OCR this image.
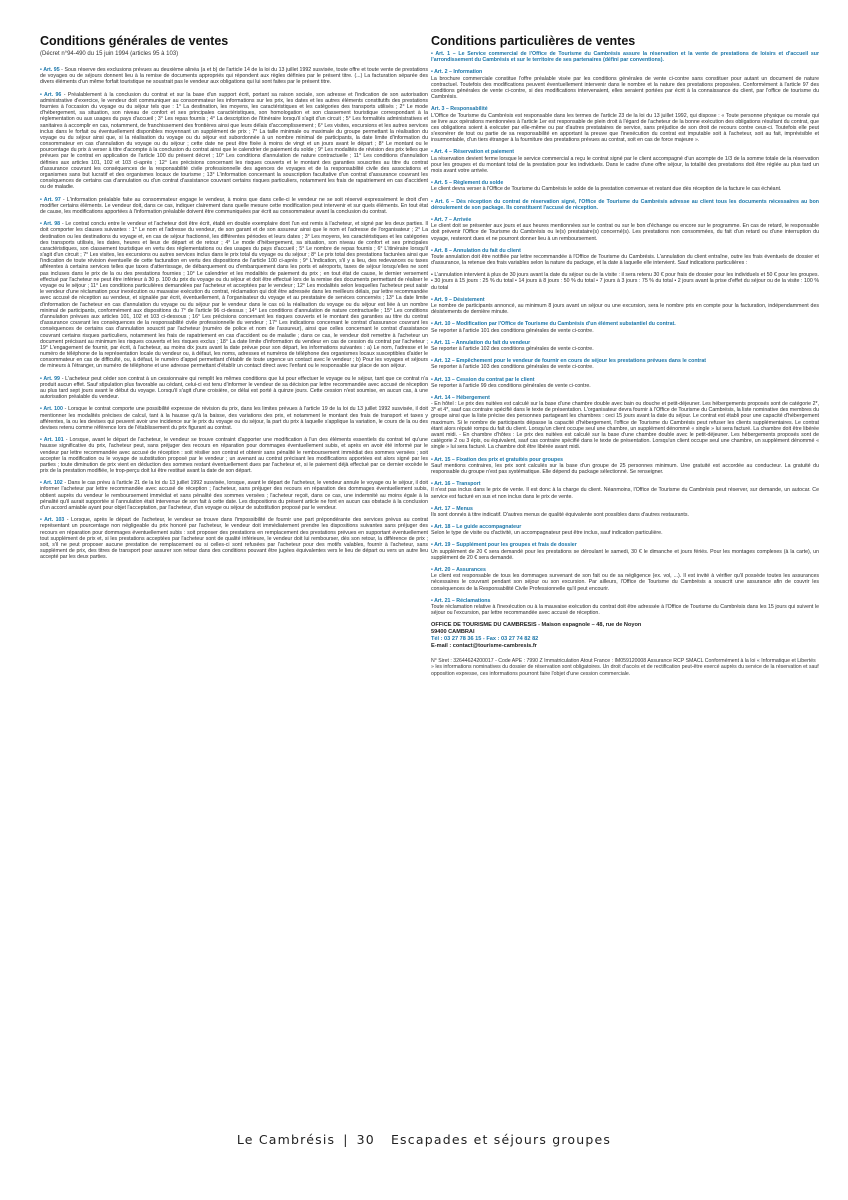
Conditions générales de ventes
(Décret n°94-490 du 15 juin 1994 (articles 95 à 103)
• Art. 95 - Sous réserve des exclusions prévues au deuxième alinéa (a et b) de l'article 14 de la loi du 13 juillet 1992 susvisée, toute offre et toute vente de prestations de voyages ou de séjours donnent lieu à la remise de documents appropriés qui répondent aux règles définies par le présent titre. (...) La facturation séparée des divers éléments d'un même forfait touristique ne soustrait pas le vendeur aux obligations qui lui sont faites par le présent titre.
• Art. 96 - Préalablement à la conclusion du contrat et sur la base d'un support écrit, portant sa raison sociale, son adresse et l'indication de son autorisation administrative d'exercice, le vendeur doit communiquer au consommateur les informations sur les prix, les dates et les autres éléments constitutifs des prestations fournies à l'occasion du voyage ou du séjour tels que : 1° La destination, les moyens, les caractéristiques et les catégories des transports utilisés ; 2° Le mode d'hébergement, sa situation, son niveau de confort et ses principales caractéristiques, son homologation et son classement touristique correspondant à la réglementation ou aux usages du pays d'accueil ; 3° Les repas fournis ; 4° La description de l'itinéraire lorsqu'il s'agit d'un circuit ; 5° Les formalités administratives et sanitaires à accomplir en cas, notamment, de franchissement des frontières ainsi que leurs délais d'accomplissement ; 6° Les visites, excursions et les autres services inclus dans le forfait ou éventuellement disponibles moyennant un supplément de prix ; 7° La taille minimale ou maximale du groupe permettant la réalisation du voyage ou du séjour ainsi que, si la réalisation du voyage ou du séjour est subordonnée à un nombre minimal de participants, la date limite d'information du consommateur en cas d'annulation du voyage ou du séjour ; cette date ne peut être fixée à moins de vingt et un jours avant le départ ; 8° Le montant ou le pourcentage du prix à verser à titre d'acompte à la conclusion du contrat ainsi que le calendrier de paiement du solde ; 9° Les modalités de révision des prix telles que prévues par le contrat en application de l'article 100 du présent décret ; 10° Les conditions d'annulation de nature contractuelle ; 11° Les conditions d'annulation définies aux articles 101, 102 et 103 ci-après ; 12° Les précisions concernant les risques couverts et le montant des garanties souscrites au titre du contrat d'assurance couvrant les conséquences de la responsabilité civile professionnelle des agences de voyages et de la responsabilité civile des associations et organismes sans but lucratif et des organismes locaux de tourisme ; 13° L'information concernant la souscription facultative d'un contrat d'assurance couvrant les conséquences de certains cas d'annulation ou d'un contrat d'assistance couvrant certains risques particuliers, notamment les frais de rapatriement en cas d'accident ou de maladie.
• Art. 97 - L'information préalable faite au consommateur engage le vendeur, à moins que dans celle-ci le vendeur ne se soit réservé expressément le droit d'en modifier certains éléments. Le vendeur doit, dans ce cas, indiquer clairement dans quelle mesure cette modification peut intervenir et sur quels éléments. En tout état de cause, les modifications apportées à l'information préalable doivent être communiquées par écrit au consommateur avant la conclusion du contrat.
• Art. 98 - Le contrat conclu entre le vendeur et l'acheteur doit être écrit, établi en double exemplaire dont l'un est remis à l'acheteur, et signé par les deux parties. Il doit comporter les clauses suivantes : 1° Le nom et l'adresse du vendeur, de son garant et de son assureur ainsi que le nom et l'adresse de l'organisateur ; 2° La destination ou les destinations du voyage et, en cas de séjour fractionné, les différentes périodes et leurs dates ; 3° Les moyens, les caractéristiques et les catégories des transports utilisés, les dates, heures et lieux de départ et de retour ; 4° Le mode d'hébergement, sa situation, son niveau de confort et ses principales caractéristiques, son classement touristique en vertu des réglementations ou des usages du pays d'accueil ; 5° Le nombre de repas fournis ; 6° L'itinéraire lorsqu'il s'agit d'un circuit ; 7° Les visites, les excursions ou autres services inclus dans le prix total du voyage ou du séjour ; 8° Le prix total des prestations facturées ainsi que l'indication de toute révision éventuelle de cette facturation en vertu des dispositions de l'article 100 ci-après ; 9° L'indication, s'il y a lieu, des redevances ou taxes afférentes à certains services telles que taxes d'atterrissage, de débarquement ou d'embarquement dans les ports et aéroports, taxes de séjour lorsqu'elles ne sont pas incluses dans le prix de la ou des prestations fournies ; 10° Le calendrier et les modalités de paiement du prix ; en tout état de cause, le dernier versement effectué par l'acheteur ne peut être inférieur à 30 p. 100 du prix du voyage ou du séjour et doit être effectué lors de la remise des documents permettant de réaliser le voyage ou le séjour ; 11° Les conditions particulières demandées par l'acheteur et acceptées par le vendeur ; 12° Les modalités selon lesquelles l'acheteur peut saisir le vendeur d'une réclamation pour inexécution ou mauvaise exécution du contrat, réclamation qui doit être adressée dans les meilleurs délais, par lettre recommandée avec accusé de réception au vendeur, et signalée par écrit, éventuellement, à l'organisateur du voyage et au prestataire de services concernés ; 13° La date limite d'information de l'acheteur en cas d'annulation du voyage ou du séjour par le vendeur dans le cas où la réalisation du voyage ou du séjour est liée à un nombre minimal de participants, conformément aux dispositions du 7° de l'article 96 ci-dessus ; 14° Les conditions d'annulation de nature contractuelle ; 15° Les conditions d'annulation prévues aux articles 101, 102 et 103 ci-dessous ; 16° Les précisions concernant les risques couverts et le montant des garanties au titre du contrat d'assurance couvrant les conséquences de la responsabilité civile professionnelle du vendeur ; 17° Les indications concernant le contrat d'assurance couvrant les conséquences de certains cas d'annulation souscrit par l'acheteur (numéro de police et nom de l'assureur), ainsi que celles concernant le contrat d'assistance couvrant certains risques particuliers, notamment les frais de rapatriement en cas d'accident ou de maladie ; dans ce cas, le vendeur doit remettre à l'acheteur un document précisant au minimum les risques couverts et les risques exclus ; 18° La date limite d'information du vendeur en cas de cession du contrat par l'acheteur ; 19° L'engagement de fournir, par écrit, à l'acheteur, au moins dix jours avant la date prévue pour son départ, les informations suivantes : a) Le nom, l'adresse et le numéro de téléphone de la représentation locale du vendeur ou, à défaut, les noms, adresses et numéros de téléphone des organismes locaux susceptibles d'aider le consommateur en cas de difficulté, ou, à défaut, le numéro d'appel permettant d'établir de toute urgence un contact avec le vendeur ; b) Pour les voyages et séjours de mineurs à l'étranger, un numéro de téléphone et une adresse permettant d'établir un contact direct avec l'enfant ou le responsable sur place de son séjour.
• Art. 99 - L'acheteur peut céder son contrat à un cessionnaire qui remplit les mêmes conditions que lui pour effectuer le voyage ou le séjour, tant que ce contrat n'a produit aucun effet. Sauf stipulation plus favorable au cédant, celui-ci est tenu d'informer le vendeur de sa décision par lettre recommandée avec accusé de réception au plus tard sept jours avant le début du voyage. Lorsqu'il s'agit d'une croisière, ce délai est porté à quinze jours. Cette cession n'est soumise, en aucun cas, à une autorisation préalable du vendeur.
• Art. 100 - Lorsque le contrat comporte une possibilité expresse de révision du prix, dans les limites prévues à l'article 19 de la loi du 13 juillet 1992 susvisée, il doit mentionner les modalités précises de calcul, tant à la hausse qu'à la baisse, des variations des prix, et notamment le montant des frais de transport et taxes y afférentes, la ou les devises qui peuvent avoir une incidence sur le prix du voyage ou du séjour, la part du prix à laquelle s'applique la variation, le cours de la ou des devises retenu comme référence lors de l'établissement du prix figurant au contrat.
• Art. 101 - Lorsque, avant le départ de l'acheteur, le vendeur se trouve contraint d'apporter une modification à l'un des éléments essentiels du contrat tel qu'une hausse significative du prix, l'acheteur peut, sans préjuger des recours en réparation pour dommages éventuellement subis, et après en avoir été informé par le vendeur par lettre recommandée avec accusé de réception : soit résilier son contrat et obtenir sans pénalité le remboursement immédiat des sommes versées ; soit accepter la modification ou le voyage de substitution proposé par le vendeur ; un avenant au contrat précisant les modifications apportées est alors signé par les parties ; toute diminution de prix vient en déduction des sommes restant éventuellement dues par l'acheteur et, si le paiement déjà effectué par ce dernier excède le prix de la prestation modifiée, le trop-perçu doit lui être restitué avant la date de son départ.
• Art. 102 - Dans le cas prévu à l'article 21 de la loi du 13 juillet 1992 susvisée, lorsque, avant le départ de l'acheteur, le vendeur annule le voyage ou le séjour, il doit informer l'acheteur par lettre recommandée avec accusé de réception ; l'acheteur, sans préjuger des recours en réparation des dommages éventuellement subis, obtient auprès du vendeur le remboursement immédiat et sans pénalité des sommes versées ; l'acheteur reçoit, dans ce cas, une indemnité au moins égale à la pénalité qu'il aurait supportée si l'annulation était intervenue de son fait à cette date. Les dispositions du présent article ne font en aucun cas obstacle à la conclusion d'un accord amiable ayant pour objet l'acceptation, par l'acheteur, d'un voyage ou séjour de substitution proposé par le vendeur.
• Art. 103 - Lorsque, après le départ de l'acheteur, le vendeur se trouve dans l'impossibilité de fournir une part prépondérante des services prévus au contrat représentant un pourcentage non négligeable du prix honoré par l'acheteur, le vendeur doit immédiatement prendre les dispositions suivantes sans préjuger des recours en réparation pour dommages éventuellement subis : soit proposer des prestations en remplacement des prestations prévues en supportant éventuellement tout supplément de prix et, si les prestations acceptées par l'acheteur sont de qualité inférieure, le vendeur doit lui rembourser, dès son retour, la différence de prix ; soit, s'il ne peut proposer aucune prestation de remplacement ou si celles-ci sont refusées par l'acheteur pour des motifs valables, fournir à l'acheteur, sans supplément de prix, des titres de transport pour assurer son retour dans des conditions pouvant être jugées équivalentes vers le lieu de départ ou vers un autre lieu accepté par les deux parties.
Conditions particulières de ventes
• Art. 1 – Le Service commercial de l'Office de Tourisme du Cambrésis assure la réservation et la vente de prestations de loisirs et d'accueil sur l'arrondissement du Cambrésis et sur le territoire de ses partenaires (défini par conventions).
• Art. 2 – Information
La brochure commerciale constitue l'offre préalable visée par les conditions générales de vente ci-contre sans constituer pour autant un document de nature contractuel. Toutefois des modifications peuvent éventuellement intervenir dans le nombre et la nature des prestations proposées. Conformément à l'article 97 des conditions générales de vente ci-contre, si des modifications intervenaient, elles seraient portées par écrit à la connaissance du client, par l'office de tourisme du Cambrésis.
Art. 3 – Responsabilité
L'Office de Tourisme du Cambrésis est responsable dans les termes de l'article 23 de la loi du 13 juillet 1992, qui dispose : « Toute personne physique ou morale qui se livre aux opérations mentionnées à l'article 1er est responsable de plein droit à l'égard de l'acheteur de la bonne exécution des obligations résultant du contrat, que ces obligations soient à exécuter par elle-même ou par d'autres prestataires de service, sans préjudice de son droit de recours contre ceux-ci. Toutefois elle peut s'exonérer de tout ou partie de sa responsabilité en apportant la preuve que l'inexécution du contrat est imputable soit à l'acheteur, soit au fait, imprévisible et insurmontable, d'un tiers étranger à la fourniture des prestations prévues au contrat, soit en cas de force majeure ».
• Art. 4 – Réservation et paiement
La réservation devient ferme lorsque le service commercial a reçu le contrat signé par le client accompagné d'un acompte de 1/3 de la somme totale de la réservation pour les groupes et du montant total de la prestation pour les individuels. Dans le cadre d'une offre séjour, la totalité des prestations doit être réglée au plus tard un mois avant votre arrivée.
• Art. 5 – Règlement du solde
Le client devra verser à l'Office de Tourisme du Cambrésis le solde de la prestation convenue et restant due dès réception de la facture le cas échéant.
• Art. 6 – Dès réception du contrat de réservation signé, l'Office de Tourisme du Cambrésis adresse au client tous les documents nécessaires au bon déroulement de son package. Ils constituent l'accusé de réception.
• Art. 7 – Arrivée
Le client doit se présenter aux jours et aux heures mentionnées sur le contrat ou sur le bon d'échange ou encore sur le programme. En cas de retard, le responsable doit prévenir l'Office de Tourisme du Cambrésis ou le(s) prestataire(s) concerné(s). Les prestations non consommées, du fait d'un retard ou d'une interruption du voyage, resteront dues et ne pourront donner lieu à un remboursement.
• Art. 8 – Annulation du fait du client
Toute annulation doit être notifiée par lettre recommandée à l'Office de Tourisme du Cambrésis. L'annulation du client entraîne, outre les frais éventuels de dossier et d'assurance, la retenue des frais variables selon la nature du package, et la date à laquelle elle intervient. Sauf indications particulières :
• L'annulation intervient à plus de 30 jours avant la date du séjour ou de la visite : il sera retenu 30 € pour frais de dossier pour les individuels et 50 € pour les groupes. • 30 jours à 15 jours : 25 % du total • 14 jours à 8 jours : 50 % du total • 7 jours à 3 jours : 75 % du total • 2 jours avant la prise d'effet du séjour ou de la visite : 100 % du total
• Art. 9 – Désistement
Le nombre de participants annoncé, au minimum 8 jours avant un séjour ou une excursion, sera le nombre pris en compte pour la facturation, indépendamment des désistements de dernière minute.
• Art. 10 – Modification par l'Office de Tourisme du Cambrésis d'un élément substantiel du contrat.
Se reporter à l'article 101 des conditions générales de vente ci-contre.
• Art. 11 – Annulation du fait du vendeur
Se reporter à l'article 102 des conditions générales de vente ci-contre.
• Art. 12 – Empêchement pour le vendeur de fournir en cours de séjour les prestations prévues dans le contrat
Se reporter à l'article 103 des conditions générales de vente ci-contre.
• Art. 13 – Cession du contrat par le client
Se reporter à l'article 99 des conditions générales de vente ci-contre.
• Art. 14 – Hébergement
- En hôtel : Le prix des nuitées est calculé sur la base d'une chambre double avec bain ou douche et petit-déjeuner. Les hébergements proposés sont de catégorie 2*, 3* et 4*, sauf cas contraire spécifié dans le texte de présentation. L'organisateur devra fournir à l'Office de Tourisme du Cambrésis, la liste nominative des membres du groupe ainsi que la liste précise des personnes partageant les chambres : ceci 15 jours avant la date du séjour. Le contrat est établi pour une capacité d'hébergement maximum. Si le nombre de participants dépasse la capacité d'hébergement, l'office de Tourisme du Cambrésis peut refuser les clients supplémentaires. Le contrat étant alors réputé rompu du fait du client. Lorsqu'un client occupe seul une chambre, un supplément dénommé « single » lui sera facturé. La chambre doit être libérée avant midi. - En chambre d'hôtes : Le prix des nuitées est calculé sur la base d'une chambre double avec le petit-déjeuner. Les hébergements proposés sont de catégorie 2 ou 3 épis, ou équivalent, sauf cas contraire spécifié dans le texte de présentation. Lorsqu'un client occupe seul une chambre, un supplément dénommé « single » lui sera facturé. La chambre doit être libérée avant midi.
• Art. 15 – Fixation des prix et gratuités pour groupes
Sauf mentions contraires, les prix sont calculés sur la base d'un groupe de 25 personnes minimum. Une gratuité est accordée au conducteur. La gratuité du responsable du groupe n'est pas systématique. Elle dépend du package sélectionné. Se renseigner.
• Art. 16 – Transport
Il n'est pas inclus dans le prix de vente. Il est donc à la charge du client. Néanmoins, l'Office de Tourisme du Cambrésis peut réserver, sur demande, un autocar. Ce service est facturé en sus et non inclus dans le prix de vente.
• Art. 17 – Menus
Ils sont donnés à titre indicatif. D'autres menus de qualité équivalente sont possibles dans d'autres restaurants.
• Art. 18 – Le guide accompagnateur
Selon le type de visite ou d'activité, un accompagnateur peut être inclus, sauf indication particulière.
• Art. 19 – Supplément pour les groupes et frais de dossier
Un supplément de 20 € sera demandé pour les prestations se déroulant le samedi, 30 € le dimanche et jours fériés. Pour les montages complexes (à la carte), un supplément de 20 € sera demandé.
• Art. 20 – Assurances
Le client est responsable de tous les dommages survenant de son fait ou de sa négligence (ex. vol, ...). Il est invité à vérifier qu'il possède toutes les assurances nécessaires le couvrant pendant son séjour ou son excursion. Par ailleurs, l'Office de Tourisme du Cambrésis a souscrit une assurance afin de couvrir les conséquences de la Responsabilité Civile Professionnelle qu'il peut encourir.
• Art. 21 – Réclamations
Toute réclamation relative à l'inexécution ou à la mauvaise exécution du contrat doit être adressée à l'Office de Tourisme du Cambrésis dans les 15 jours qui suivent le séjour ou l'excursion, par lettre recommandée avec accusé de réception.
OFFICE DE TOURISME DU CAMBRESIS - Maison espagnole – 48, rue de Noyon
59400 CAMBRAI
Tél : 03 27 78 36 15 - Fax : 03 27 74 82 82
E-mail : contact@tourisme-cambresis.fr
N° Siret : 32644624200017 - Code APE : 7990 Z Immatriculation Atout France : IM059120008 Assurance RCP SMACL Conformément à la loi « Informatique et Libertés » les informations nominatives du dossier de réservation sont obligatoires. Un droit d'accès et de rectification peut-être exercé auprès du service de la réservation et sauf opposition expresse, ces informations pourront faire l'objet d'une cession commerciale.
Le Cambrésis | 30 Escapades et séjours groupes
